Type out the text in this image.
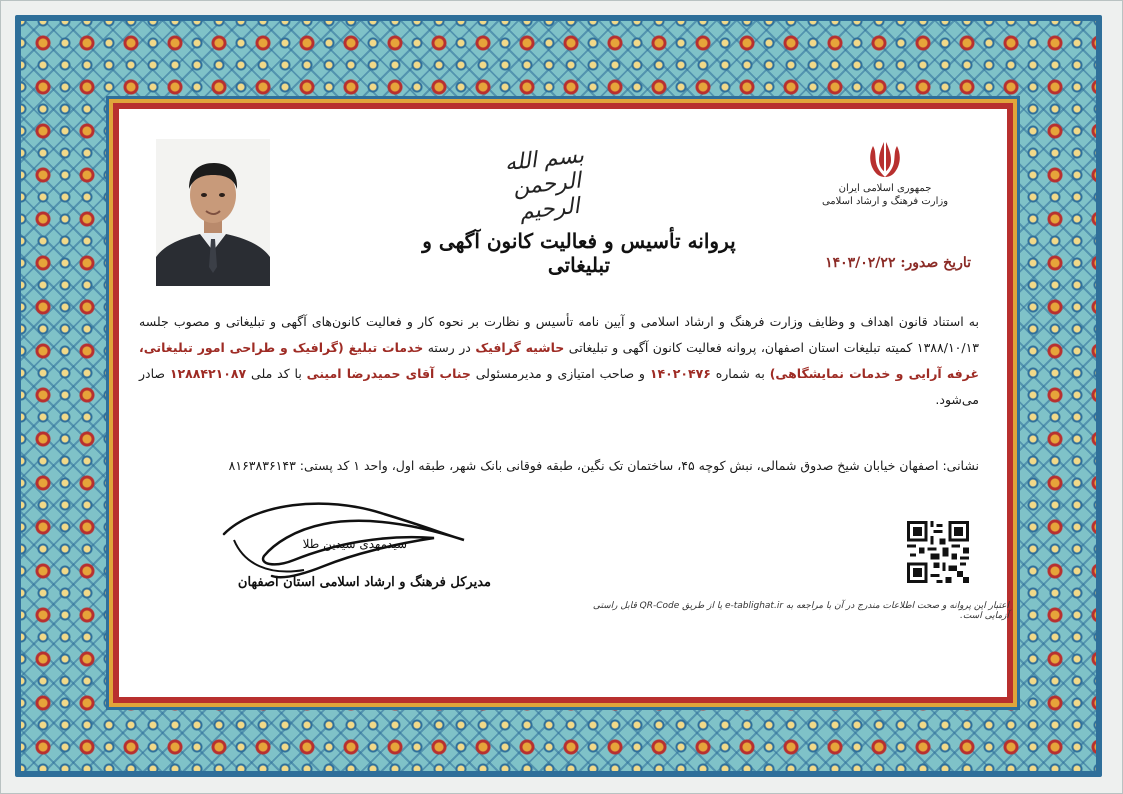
جمهوری اسلامی ایران
وزارت فرهنگ و ارشاد اسلامی
بسم الله الرحمن الرحیم
پروانه تأسیس و فعالیت کانون آگهی و تبلیغاتی	تاریخ صدور: ۱۴۰۳/۰۲/۲۲
به استناد قانون اهداف و وظایف وزارت فرهنگ و ارشاد اسلامی و آیین نامه تأسیس و نظارت بر نحوه کار و فعالیت کانون‌های آگهی و تبلیغاتی و مصوب جلسه ۱۳۸۸/۱۰/۱۳ کمیته تبلیغات استان اصفهان، پروانه فعالیت کانون آگهی و تبلیغاتی حاشیه گرافیک در رسته خدمات تبلیغ (گرافیک و طراحی امور تبلیغاتی، غرفه آرایی و خدمات نمایشگاهی) به شماره ۱۴۰۲۰۴۷۶ و صاحب امتیازی و مدیرمسئولی جناب آقای حمیدرضا امینی با کد ملی ۱۲۸۸۴۲۱۰۸۷ صادر می‌شود.
نشانی: اصفهان خیابان شیخ صدوق شمالی، نبش کوچه ۴۵، ساختمان تک نگین، طبقه فوقانی بانک شهر، طبقه اول، واحد ۱ کد پستی: ۸۱۶۳۸۳۶۱۴۳
سیدمهدی سیدین طلا
مدیرکل فرهنگ و ارشاد اسلامی استان اصفهان
اعتبار این پروانه و صحت اطلاعات مندرج در آن با مراجعه به e-tablighat.ir یا از طریق QR-Code قابل راستی آزمایی است.
